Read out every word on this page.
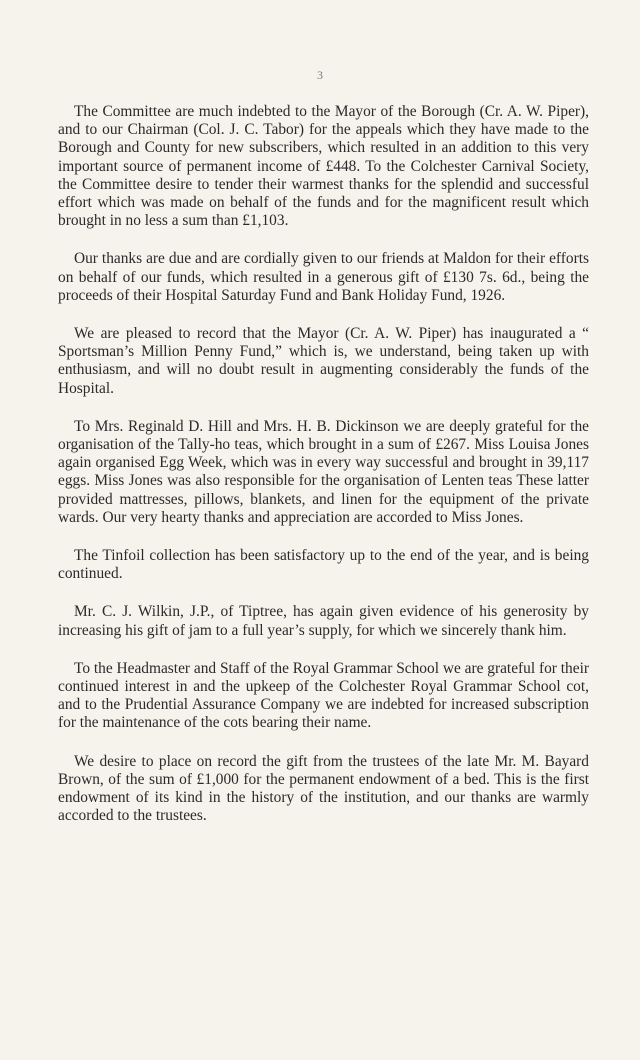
3

The Committee are much indebted to the Mayor of the Borough (Cr. A. W. Piper), and to our Chairman (Col. J. C. Tabor) for the appeals which they have made to the Borough and County for new subscribers, which resulted in an addition to this very important source of permanent income of £448. To the Colchester Carnival Society, the Committee desire to tender their warmest thanks for the splendid and successful effort which was made on behalf of the funds and for the magnificent result which brought in no less a sum than £1,103.

Our thanks are due and are cordially given to our friends at Maldon for their efforts on behalf of our funds, which resulted in a generous gift of £130 7s. 6d., being the proceeds of their Hospital Saturday Fund and Bank Holiday Fund, 1926.

We are pleased to record that the Mayor (Cr. A. W. Piper) has inaugurated a “ Sportsman’s Million Penny Fund,” which is, we understand, being taken up with enthusiasm, and will no doubt result in augmenting considerably the funds of the Hospital.

To Mrs. Reginald D. Hill and Mrs. H. B. Dickinson we are deeply grateful for the organisation of the Tally-ho teas, which brought in a sum of £267. Miss Louisa Jones again organised Egg Week, which was in every way successful and brought in 39,117 eggs. Miss Jones was also responsible for the organisation of Lenten teas These latter provided mattresses, pillows, blankets, and linen for the equipment of the private wards. Our very hearty thanks and appreciation are accorded to Miss Jones.

The Tinfoil collection has been satisfactory up to the end of the year, and is being continued.

Mr. C. J. Wilkin, J.P., of Tiptree, has again given evidence of his generosity by increasing his gift of jam to a full year’s supply, for which we sincerely thank him.

To the Headmaster and Staff of the Royal Grammar School we are grateful for their continued interest in and the upkeep of the Colchester Royal Grammar School cot, and to the Prudential Assurance Company we are indebted for increased subscription for the maintenance of the cots bearing their name.

We desire to place on record the gift from the trustees of the late Mr. M. Bayard Brown, of the sum of £1,000 for the permanent endowment of a bed. This is the first endowment of its kind in the history of the institution, and our thanks are warmly accorded to the trustees.
